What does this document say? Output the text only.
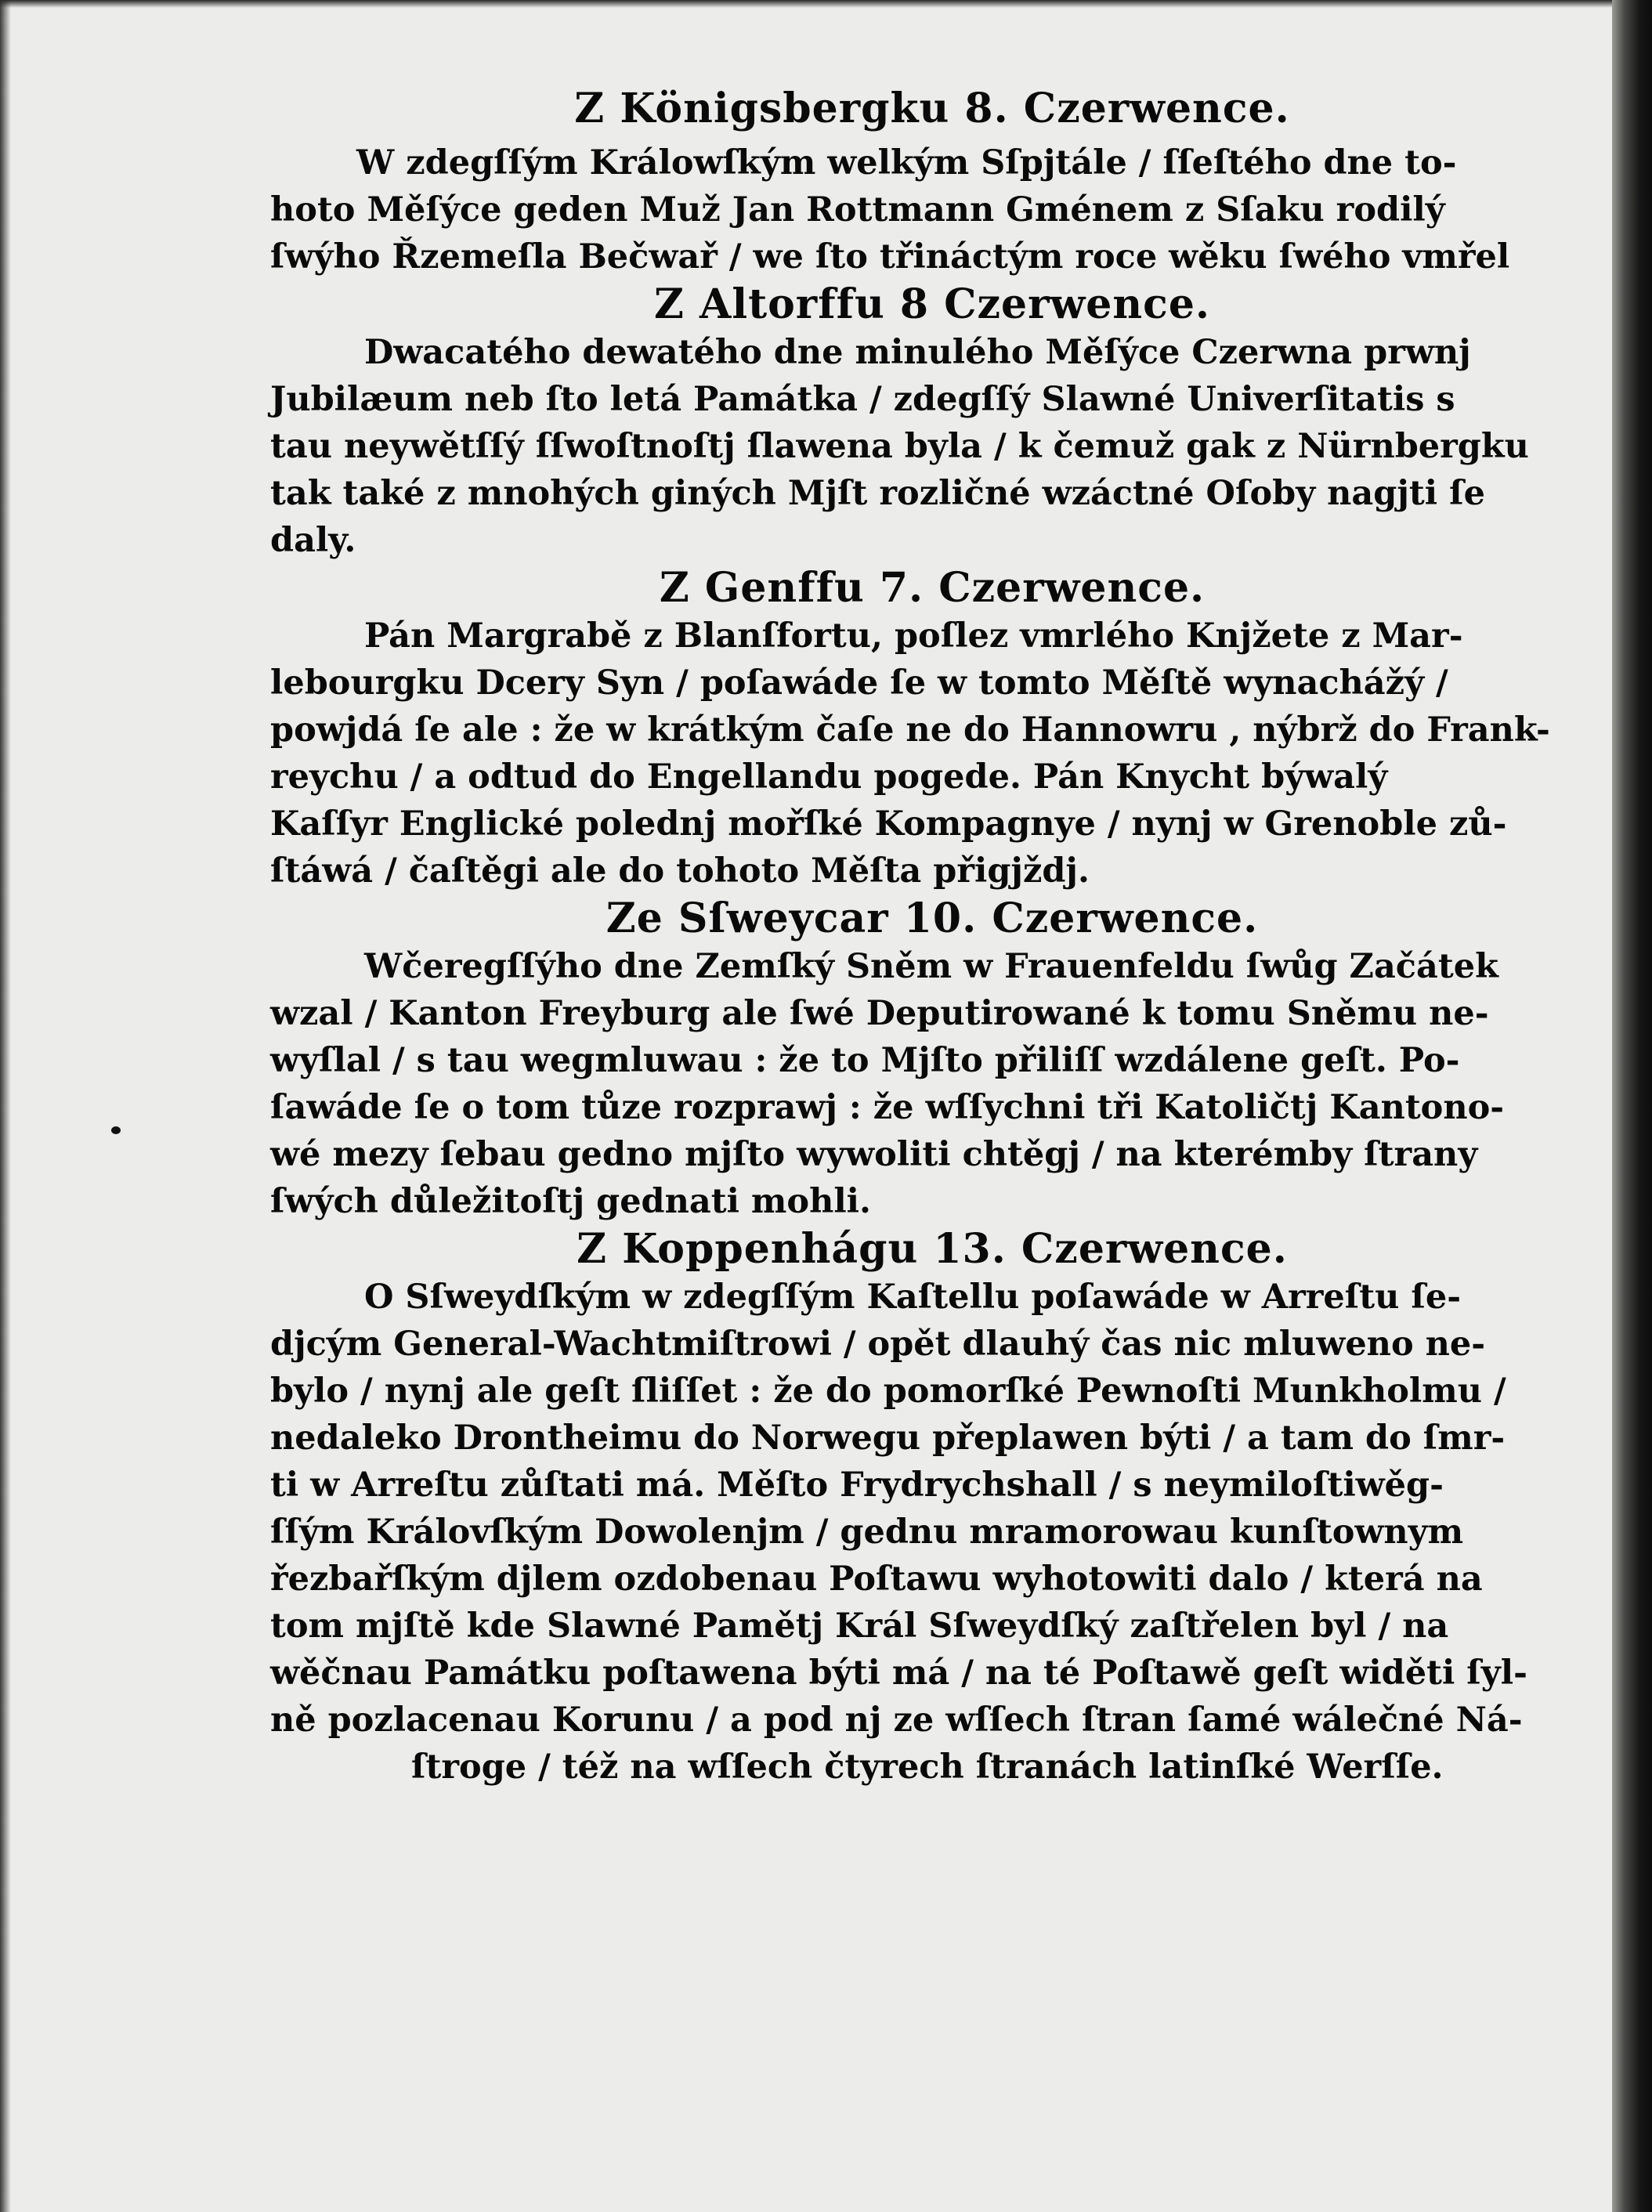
Z Königsbergku 8. Czerwence.
W zdegſſým Králowſkým welkým Sſpjtále / ſſeſtého dne to-
hoto Měſýce geden Muž Jan Rottmann Gménem z Sſaku rodilý
ſwýho Řzemeſla Bečwař / we ſto třináctým roce wěku ſwého vmřel
Z Altorffu 8 Czerwence.
Dwacatého dewatého dne minulého Měſýce Czerwna prwnj
Jubilæum neb ſto letá Památka / zdegſſý Slawné Univerſitatis s
tau neywětſſý ſſwoſtnoſtj ſlawena byla / k čemuž gak z Nürnbergku
tak také z mnohých giných Mjſt rozličné wzáctné Oſoby nagjti ſe
daly.
Z Genffu 7. Czerwence.
Pán Margrabě z Blanſfortu, poſlez vmrlého Knjžete z Mar-
lebourgku Dcery Syn / poſawáde ſe w tomto Měſtě wynachážý /
powjdá ſe ale : že w krátkým čaſe ne do Hannowru , nýbrž do Frank-
reychu / a odtud do Engellandu pogede. Pán Knycht býwalý
Kaſſyr Englické polednj mořſké Kompagnye / nynj w Grenoble zů-
ſtáwá / čaſtěgi ale do tohoto Měſta přigjždj.
Ze Sſweycar 10. Czerwence.
Wčeregſſýho dne Zemſký Sněm w Frauenfeldu ſwůg Začátek
wzal / Kanton Freyburg ale ſwé Deputirowané k tomu Sněmu ne-
wyſlal / s tau wegmluwau : že to Mjſto přiliſſ wzdálene geſt. Po-
ſawáde ſe o tom tůze rozprawj : že wſſychni tři Katoličtj Kantono-
wé mezy ſebau gedno mjſto wywoliti chtěgj / na kterémby ſtrany
ſwých důležitoſtj gednati mohli.
Z Koppenhágu 13. Czerwence.
O Sſweydſkým w zdegſſým Kaſtellu poſawáde w Arreſtu ſe-
djcým General-Wachtmiſtrowi / opět dlauhý čas nic mluweno ne-
bylo / nynj ale geſt ſliſſet : že do pomorſké Pewnoſti Munkholmu /
nedaleko Drontheimu do Norwegu přeplawen býti / a tam do ſmr-
ti w Arreſtu zůſtati má. Měſto Frydrychshall / s neymiloſtiwěg-
ſſým Královſkým Dowolenjm / gednu mramorowau kunſtownym
řezbařſkým djlem ozdobenau Poſtawu wyhotowiti dalo / která na
tom mjſtě kde Slawné Pamětj Král Sſweydſký zaſtřelen byl / na
wěčnau Památku poſtawena býti má / na té Poſtawě geſt widěti ſyl-
ně pozlacenau Korunu / a pod nj ze wſſech ſtran ſamé wálečné Ná-
ſtroge / též na wſſech čtyrech ſtranách latinſké Werſſe.
